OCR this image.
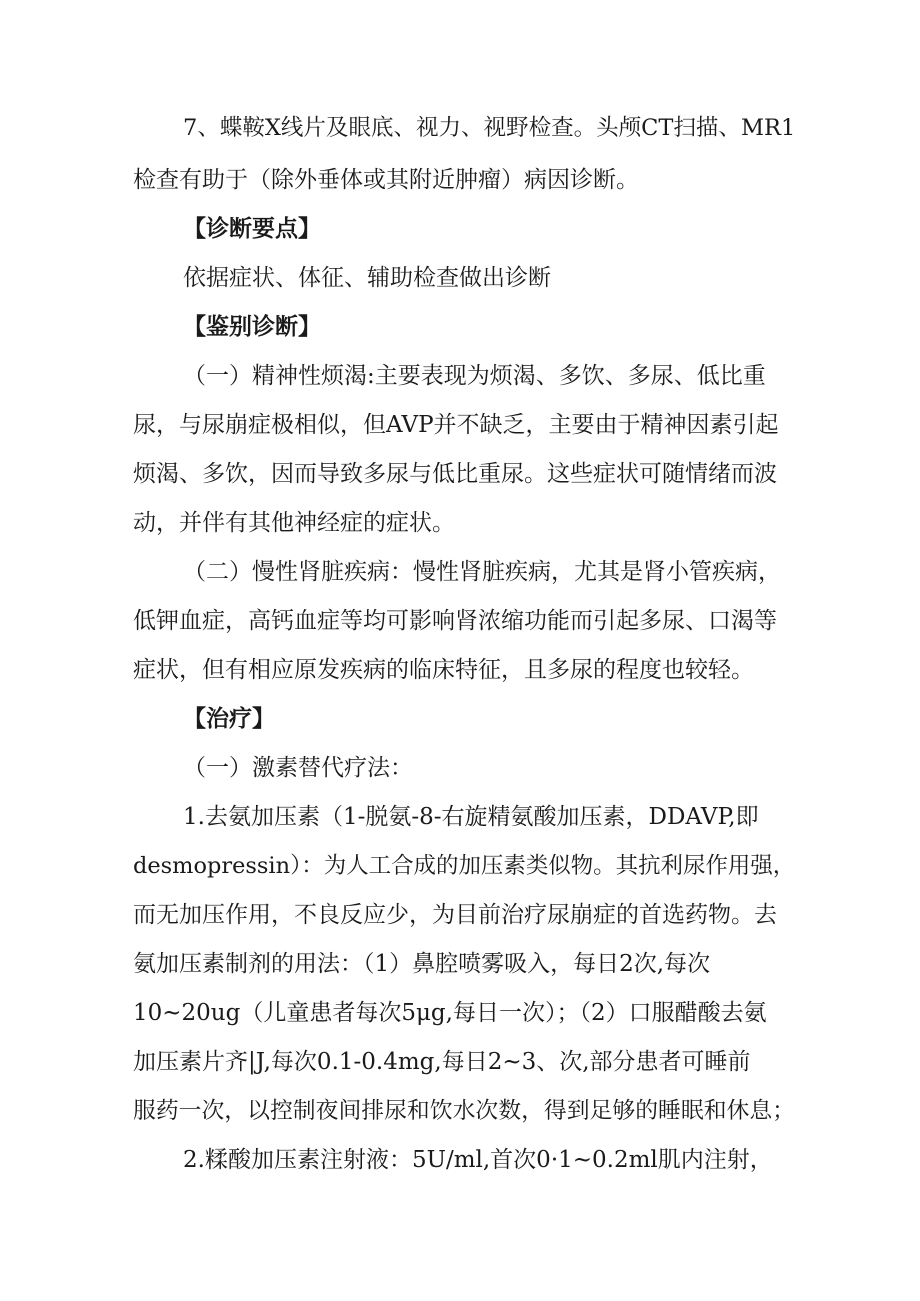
7、蝶鞍X线片及眼底、视力、视野检查。头颅CT扫描、MR1
检查有助于（除外垂体或其附近肿瘤）病因诊断。
【诊断要点】
依据症状、体征、辅助检查做出诊断
【鉴别诊断】
（一）精神性烦渴:主要表现为烦渴、多饮、多尿、低比重
尿，与尿崩症极相似，但AVP并不缺乏，主要由于精神因素引起
烦渴、多饮，因而导致多尿与低比重尿。这些症状可随情绪而波
动，并伴有其他神经症的症状。
（二）慢性肾脏疾病：慢性肾脏疾病，尤其是肾小管疾病，
低钾血症，高钙血症等均可影响肾浓缩功能而引起多尿、口渴等
症状，但有相应原发疾病的临床特征，且多尿的程度也较轻。
【治疗】
（一）激素替代疗法：
1.去氨加压素（1-脱氨-8-右旋精氨酸加压素，DDAVP,即
desmopressin）：为人工合成的加压素类似物。其抗利尿作用强，
而无加压作用，不良反应少，为目前治疗尿崩症的首选药物。去
氨加压素制剂的用法：（1）鼻腔喷雾吸入，每日2次,每次
10~20ug（儿童患者每次5μg,每日一次）；（2）口服醋酸去氨
加压素片齐|J,每次0.1-0.4mg,每日2~3、次,部分患者可睡前
服药一次，以控制夜间排尿和饮水次数，得到足够的睡眠和休息；
2.糅酸加压素注射液：5U/ml,首次0·1~0.2ml肌内注射，
